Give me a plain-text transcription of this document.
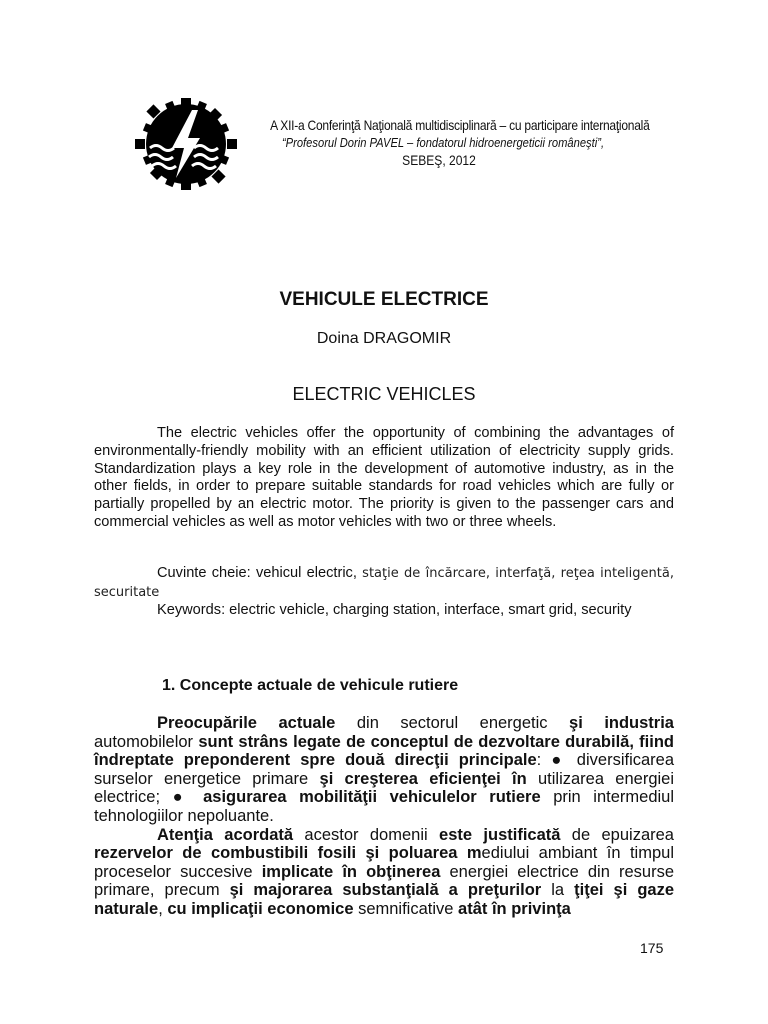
A XII-a Conferinţă Naţională multidisciplinară – cu participare internaţională
“Profesorul Dorin PAVEL – fondatorul hidroenergeticii româneşti”,
SEBEŞ, 2012
VEHICULE ELECTRICE
Doina DRAGOMIR
ELECTRIC VEHICLES
The electric vehicles offer the opportunity of combining the advantages of environmentally-friendly mobility with an efficient utilization of electricity supply grids. Standardization plays a key role in the development of automotive industry, as in the other fields, in order to prepare suitable standards for road vehicles which are fully or partially propelled by an electric motor. The priority is given to the passenger cars and commercial vehicles as well as motor vehicles with two or three wheels.
Cuvinte cheie: vehicul electric, staţie de încărcare, interfaţă, reţea inteligentă, securitate
Keywords: electric vehicle, charging station, interface, smart grid, security
1. Concepte actuale de vehicule rutiere

Preocupările actuale din sectorul energetic şi industria automobilelor sunt strâns legate de conceptul de dezvoltare durabilă, fiind îndreptate preponderent spre două direcţii principale: ● diversificarea surselor energetice primare şi creşterea eficienţei în utilizarea energiei electrice; ● asigurarea mobilităţii vehiculelor rutiere prin intermediul tehnologiilor nepoluante.

Atenţia acordată acestor domenii este justificată de epuizarea rezervelor de combustibili fosili şi poluarea mediului ambiant în timpul proceselor succesive implicate în obţinerea energiei electrice din resurse primare, precum şi majorarea substanţială a preţurilor la ţiţei şi gaze naturale, cu implicaţii economice semnificative atât în privinţa

175
